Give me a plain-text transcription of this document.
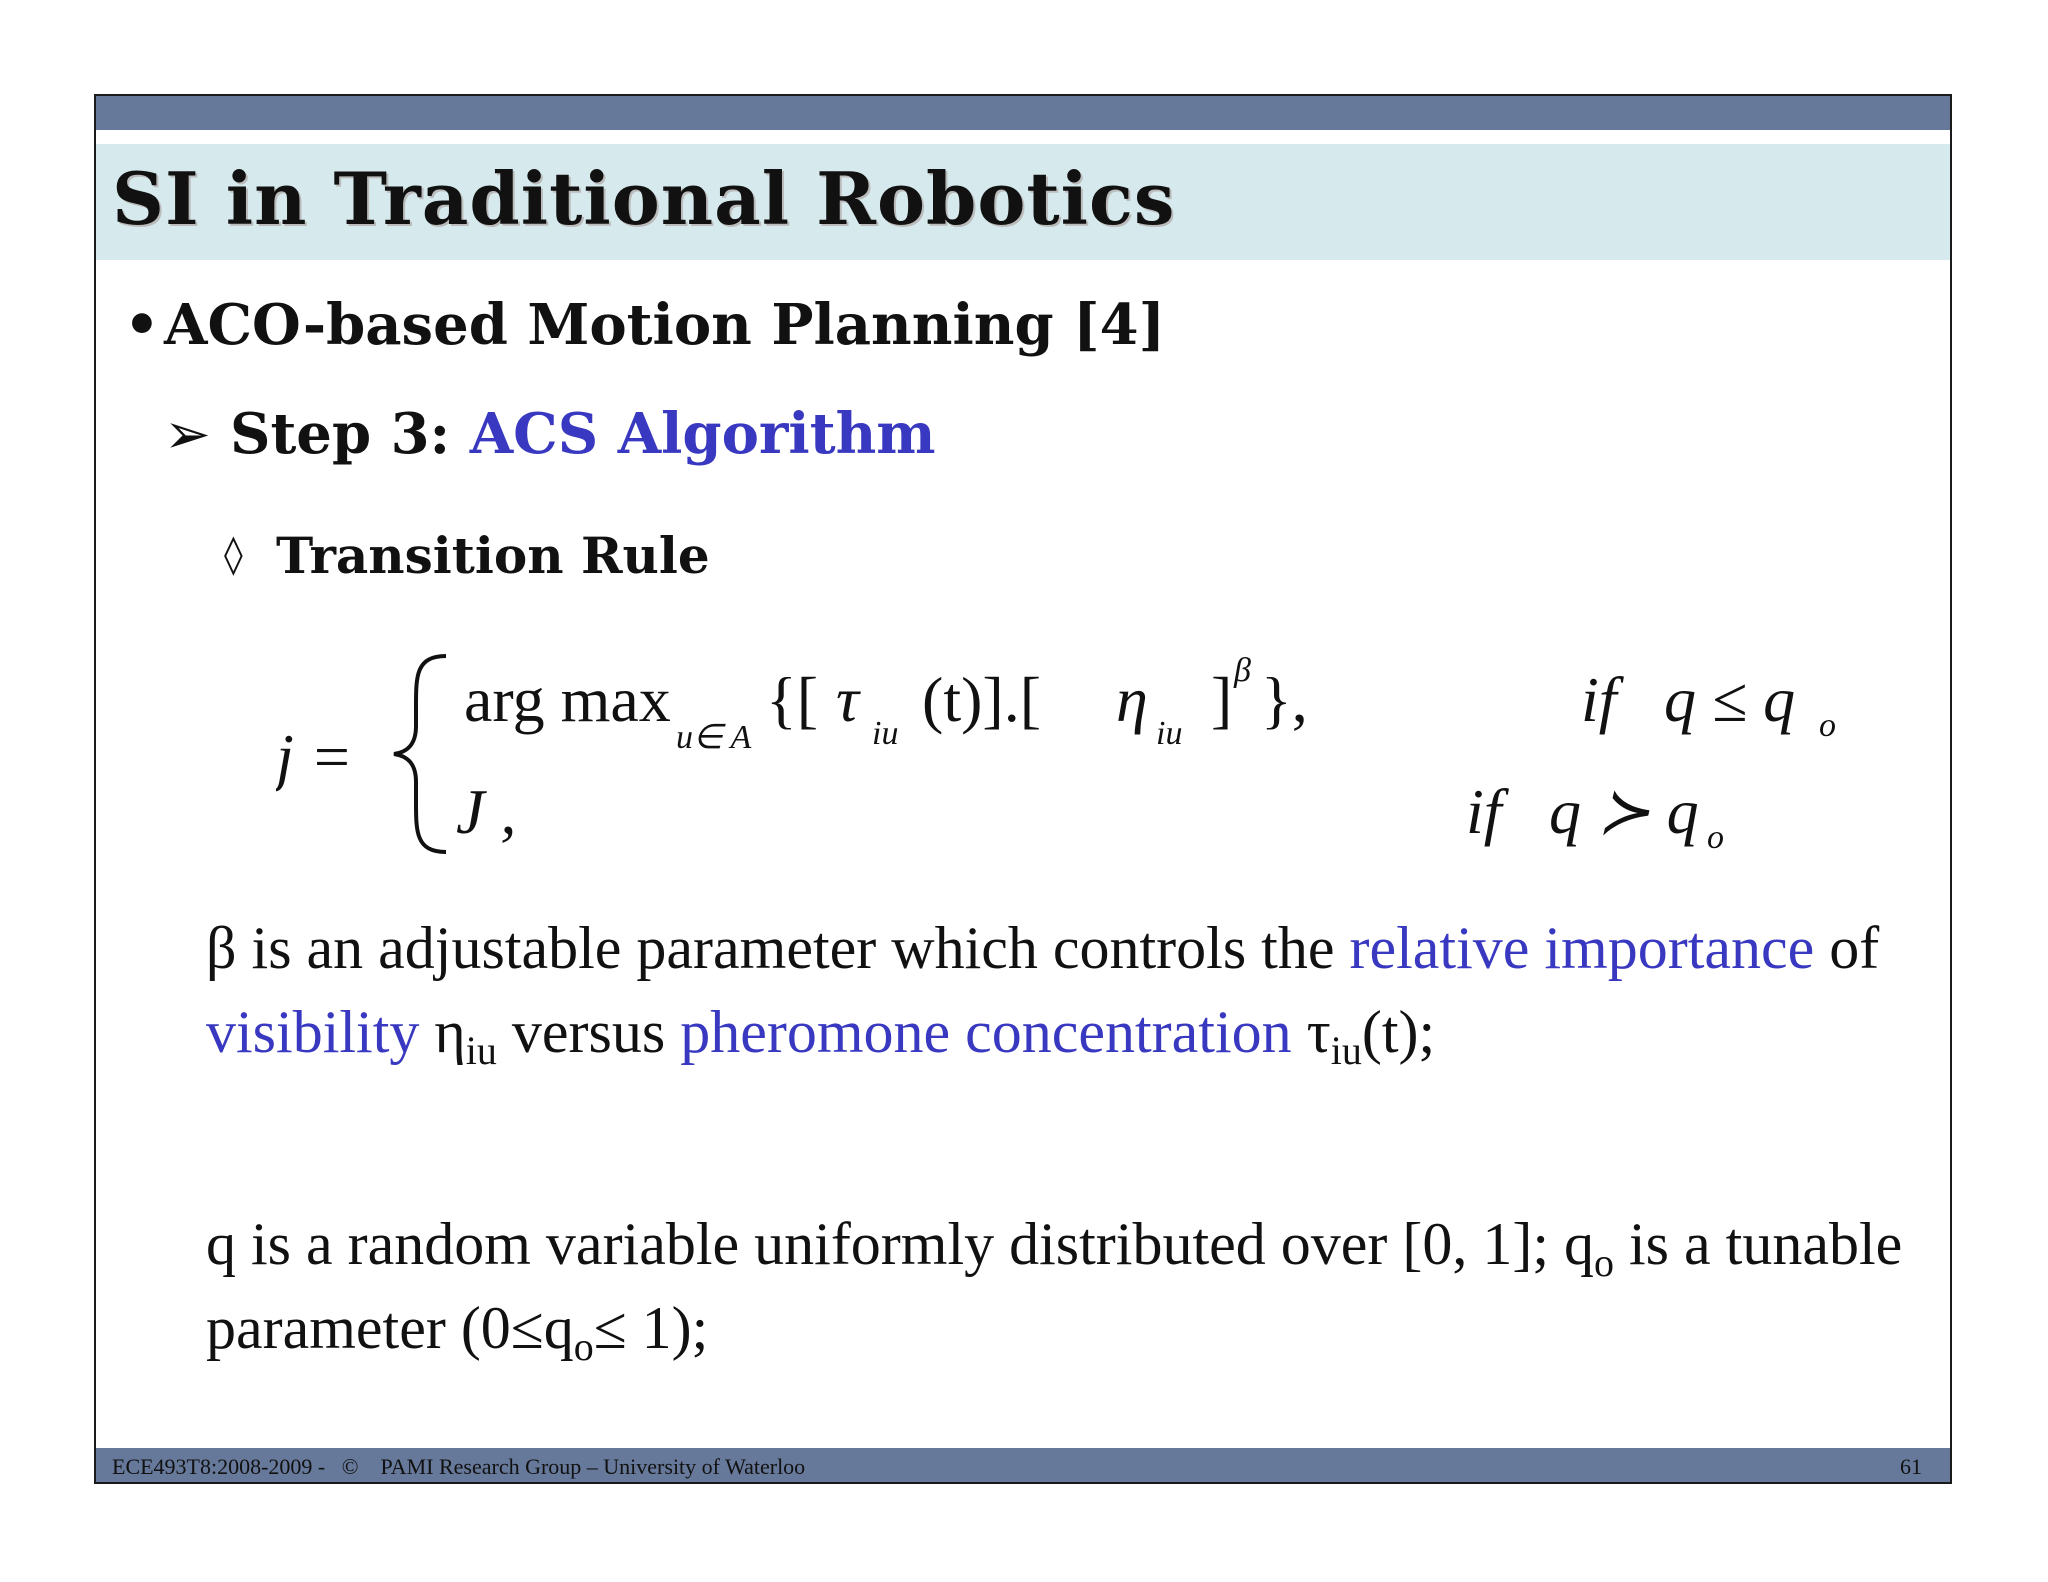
SI in Traditional Robotics
•ACO-based Motion Planning [4]
➢ Step 3: ACS Algorithm
◊ Transition Rule
j =
arg max
u∈ A
{[ τ iu (t)].[ η iu ] β },	if q ≤ q o
J ,	if q ≻ q o
β is an adjustable parameter which controls the relative importance of visibility $\eta_{iu}$ versus pheromone concentration $\tau_{iu}(t)$;
q is a random variable uniformly distributed over [0, 1]; $q_o$ is a tunable parameter $(0\le q_o\le 1)$;
ECE493T8:2008-2009 -   ©    PAMI Research Group – University of Waterloo	61
